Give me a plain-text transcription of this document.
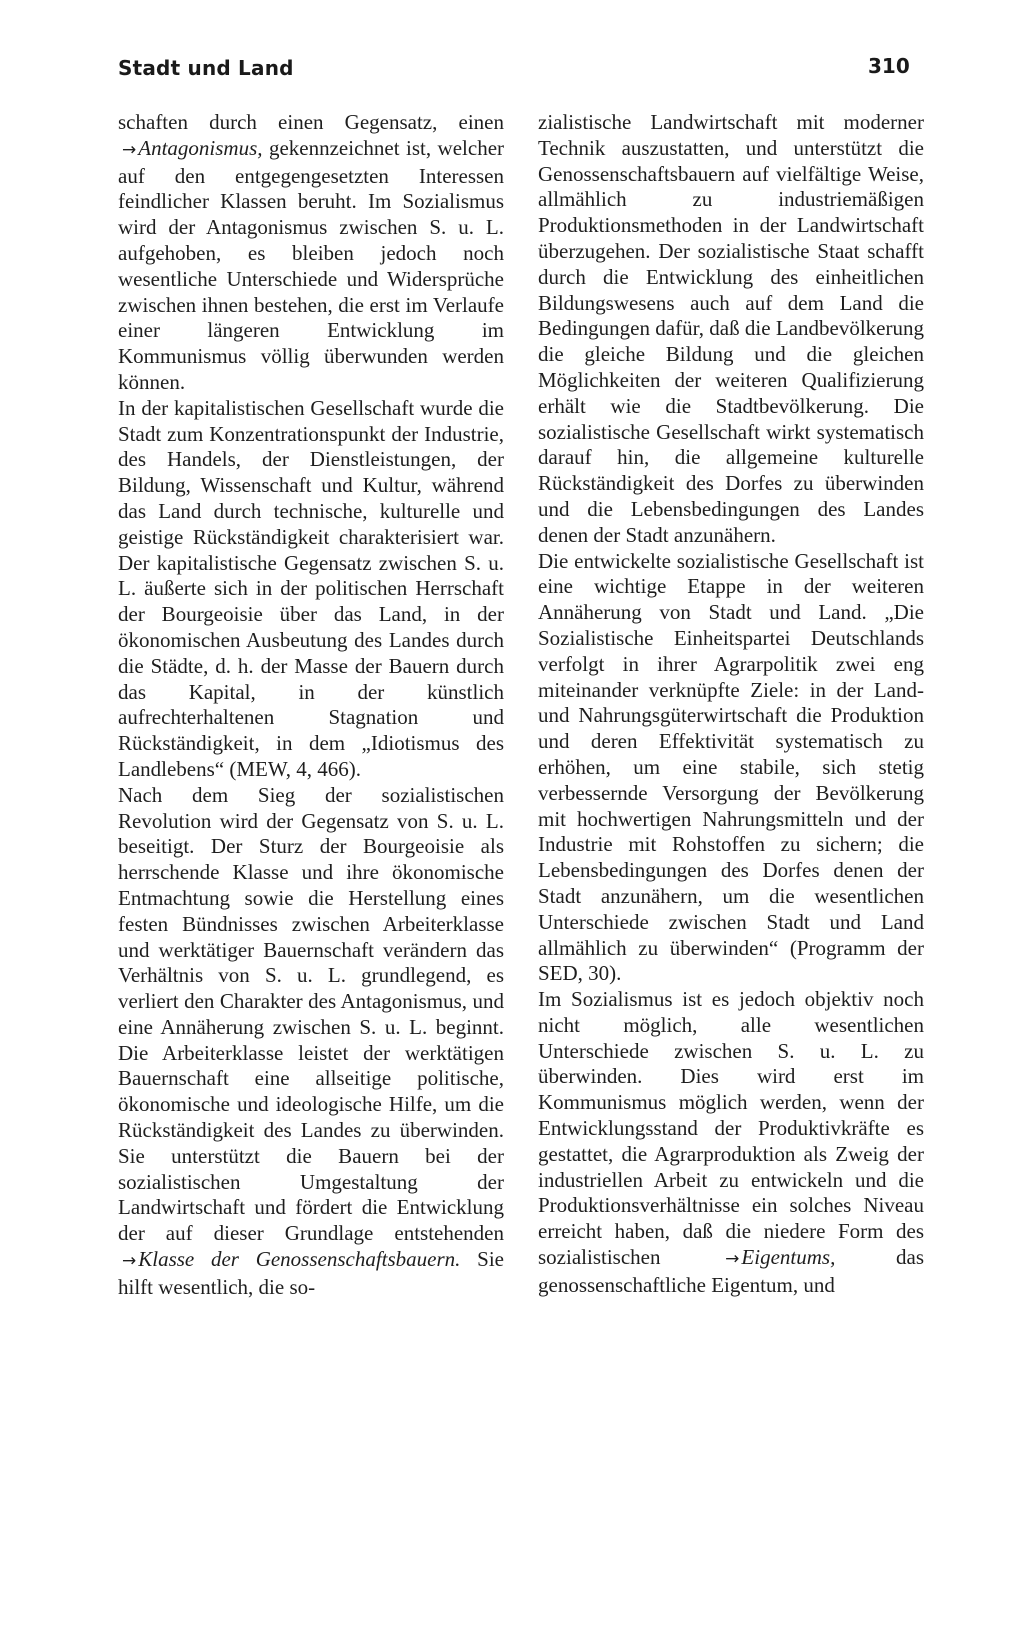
Stadt und Land	310

schaften durch einen Gegensatz, einen →Antagonismus, gekennzeichnet ist, welcher auf den entgegengesetzten Interessen feindlicher Klassen beruht. Im Sozialismus wird der Antagonismus zwischen S. u. L. aufgehoben, es bleiben jedoch noch wesentliche Unterschiede und Widersprüche zwischen ihnen bestehen, die erst im Verlaufe einer längeren Entwicklung im Kommunismus völlig überwunden werden können.

In der kapitalistischen Gesellschaft wurde die Stadt zum Konzentrationspunkt der Industrie, des Handels, der Dienstleistungen, der Bildung, Wissenschaft und Kultur, während das Land durch technische, kulturelle und geistige Rückständigkeit charakterisiert war. Der kapitalistische Gegensatz zwischen S. u. L. äußerte sich in der politischen Herrschaft der Bourgeoisie über das Land, in der ökonomischen Ausbeutung des Landes durch die Städte, d. h. der Masse der Bauern durch das Kapital, in der künstlich aufrechterhaltenen Stagnation und Rückständigkeit, in dem „Idiotismus des Landlebens“ (MEW, 4, 466).

Nach dem Sieg der sozialistischen Revolution wird der Gegensatz von S. u. L. beseitigt. Der Sturz der Bourgeoisie als herrschende Klasse und ihre ökonomische Entmachtung sowie die Herstellung eines festen Bündnisses zwischen Arbeiterklasse und werktätiger Bauernschaft verändern das Verhältnis von S. u. L. grundlegend, es verliert den Charakter des Antagonismus, und eine Annäherung zwischen S. u. L. beginnt. Die Arbeiterklasse leistet der werktätigen Bauernschaft eine allseitige politische, ökonomische und ideologische Hilfe, um die Rückständigkeit des Landes zu überwinden. Sie unterstützt die Bauern bei der sozialistischen Umgestaltung der Landwirtschaft und fördert die Entwicklung der auf dieser Grundlage entstehenden →Klasse der Genossenschaftsbauern. Sie hilft wesentlich, die so-

zialistische Landwirtschaft mit moderner Technik auszustatten, und unterstützt die Genossenschaftsbauern auf vielfältige Weise, allmählich zu industriemäßigen Produktionsmethoden in der Landwirtschaft überzugehen. Der sozialistische Staat schafft durch die Entwicklung des einheitlichen Bildungswesens auch auf dem Land die Bedingungen dafür, daß die Landbevölkerung die gleiche Bildung und die gleichen Möglichkeiten der weiteren Qualifizierung erhält wie die Stadtbevölkerung. Die sozialistische Gesellschaft wirkt systematisch darauf hin, die allgemeine kulturelle Rückständigkeit des Dorfes zu überwinden und die Lebensbedingungen des Landes denen der Stadt anzunähern.

Die entwickelte sozialistische Gesellschaft ist eine wichtige Etappe in der weiteren Annäherung von Stadt und Land. „Die Sozialistische Einheitspartei Deutschlands verfolgt in ihrer Agrarpolitik zwei eng miteinander verknüpfte Ziele: in der Land- und Nahrungsgüterwirtschaft die Produktion und deren Effektivität systematisch zu erhöhen, um eine stabile, sich stetig verbessernde Versorgung der Bevölkerung mit hochwertigen Nahrungsmitteln und der Industrie mit Rohstoffen zu sichern; die Lebensbedingungen des Dorfes denen der Stadt anzunähern, um die wesentlichen Unterschiede zwischen Stadt und Land allmählich zu überwinden“ (Programm der SED, 30).

Im Sozialismus ist es jedoch objektiv noch nicht möglich, alle wesentlichen Unterschiede zwischen S. u. L. zu überwinden. Dies wird erst im Kommunismus möglich werden, wenn der Entwicklungsstand der Produktivkräfte es gestattet, die Agrarproduktion als Zweig der industriellen Arbeit zu entwickeln und die Produktionsverhältnisse ein solches Niveau erreicht haben, daß die niedere Form des sozialistischen	→Eigentums,	das genossenschaftliche Eigentum, und
